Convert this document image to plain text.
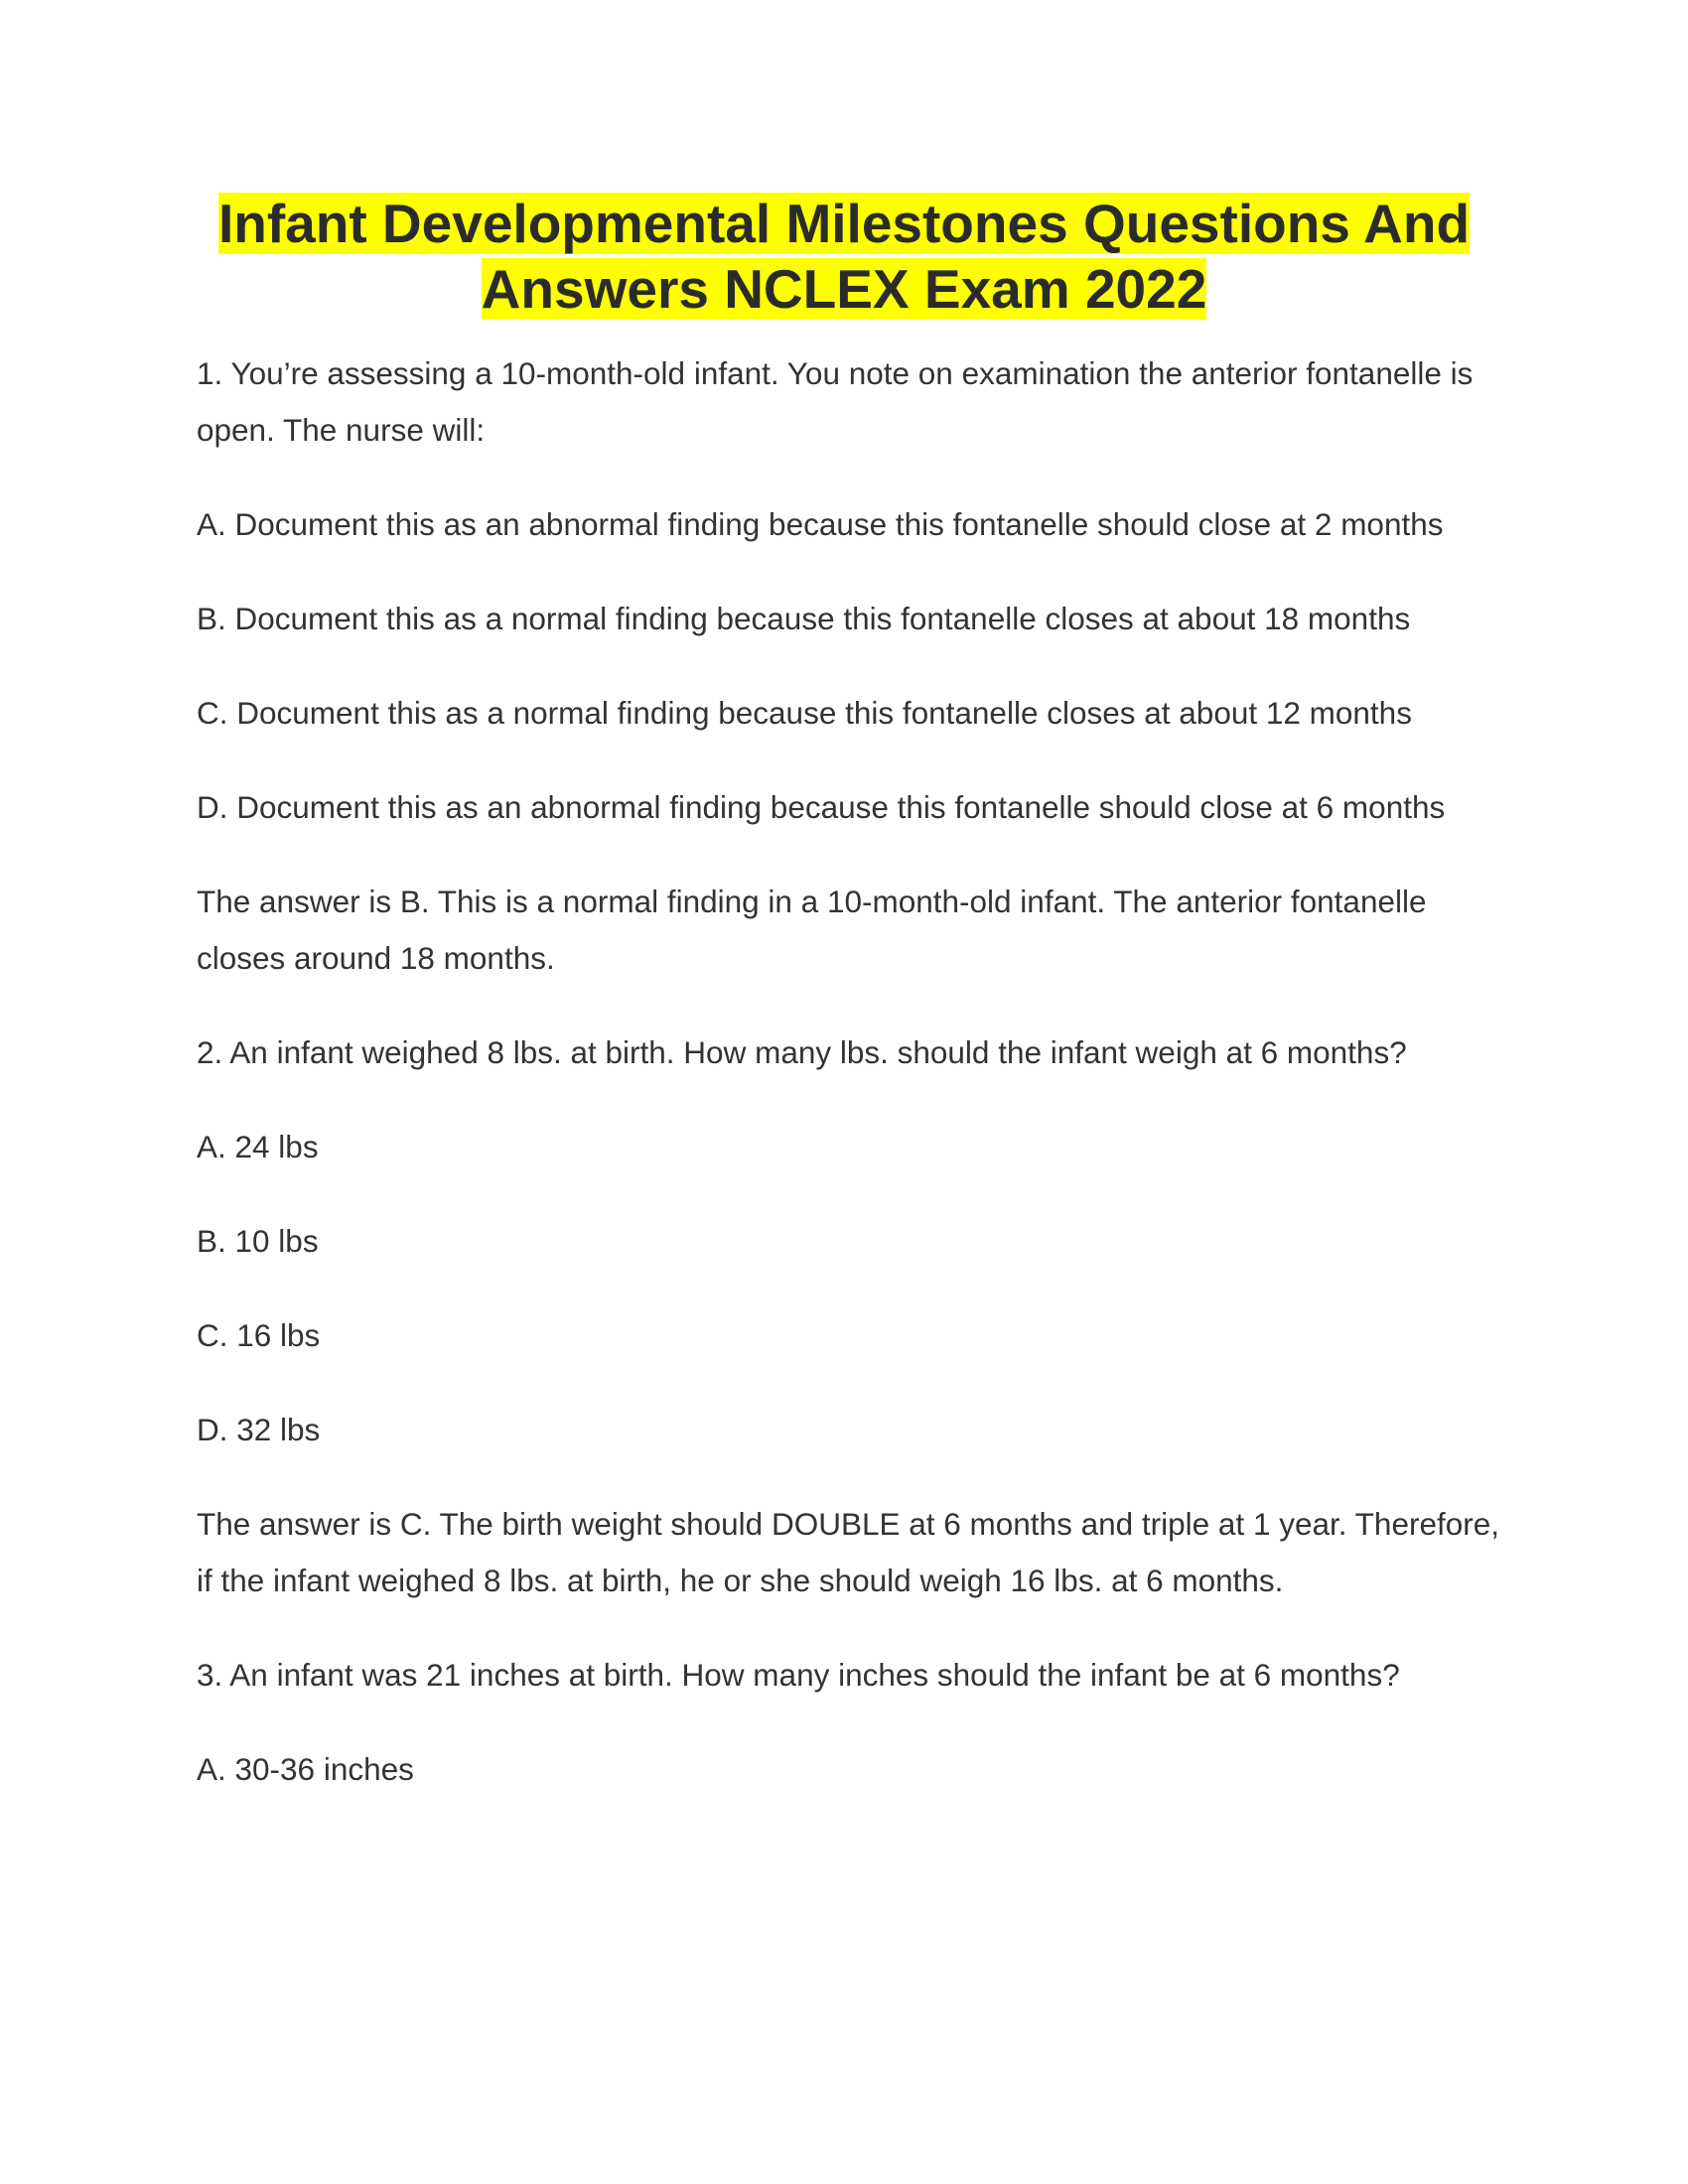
Infant Developmental Milestones Questions And
Answers NCLEX Exam 2022

1. You’re assessing a 10-month-old infant. You note on examination the anterior fontanelle is open. The nurse will:

A. Document this as an abnormal finding because this fontanelle should close at 2 months

B. Document this as a normal finding because this fontanelle closes at about 18 months

C. Document this as a normal finding because this fontanelle closes at about 12 months

D. Document this as an abnormal finding because this fontanelle should close at 6 months

The answer is B. This is a normal finding in a 10-month-old infant. The anterior fontanelle closes around 18 months.

2. An infant weighed 8 lbs. at birth. How many lbs. should the infant weigh at 6 months?

A. 24 lbs

B. 10 lbs

C. 16 lbs

D. 32 lbs

The answer is C. The birth weight should DOUBLE at 6 months and triple at 1 year. Therefore, if the infant weighed 8 lbs. at birth, he or she should weigh 16 lbs. at 6 months.

3. An infant was 21 inches at birth. How many inches should the infant be at 6 months?

A. 30-36 inches
